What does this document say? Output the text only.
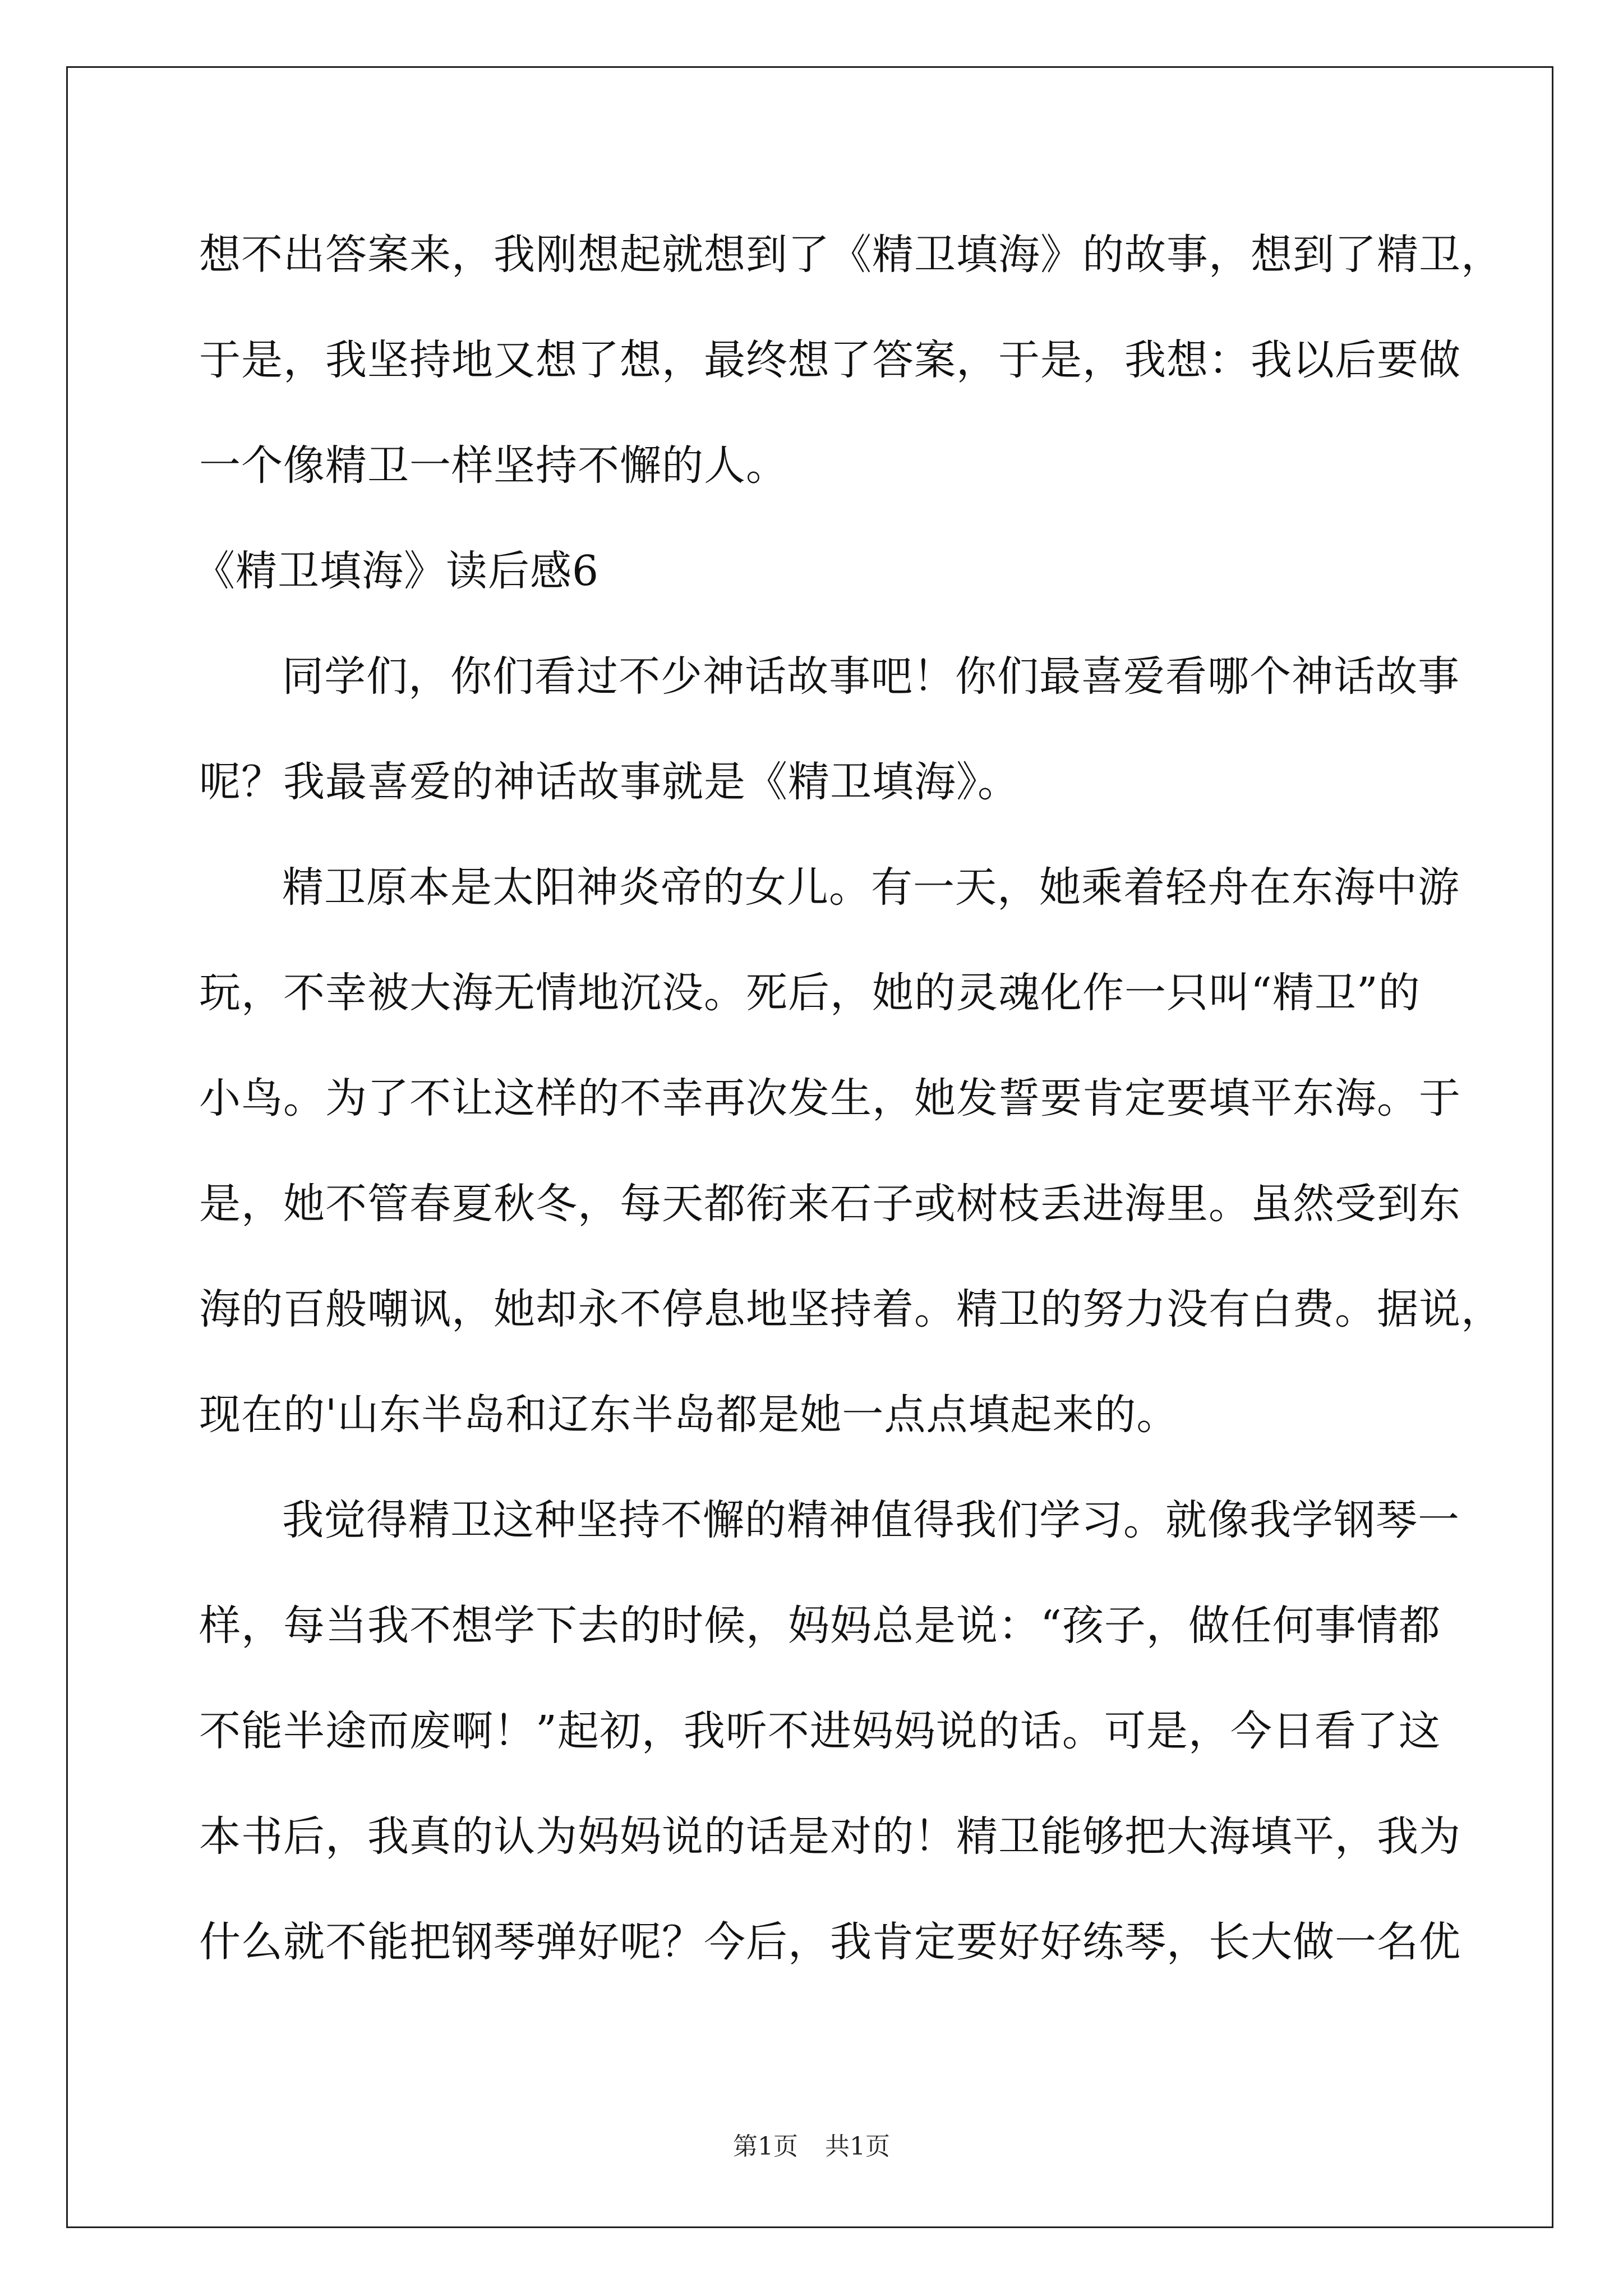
想不出答案来，我刚想起就想到了《精卫填海》的故事，想到了精卫，
于是，我坚持地又想了想，最终想了答案，于是，我想：我以后要做
一个像精卫一样坚持不懈的人。
《精卫填海》读后感6
同学们，你们看过不少神话故事吧！你们最喜爱看哪个神话故事
呢？我最喜爱的神话故事就是《精卫填海》。
精卫原本是太阳神炎帝的女儿。有一天，她乘着轻舟在东海中游
玩，不幸被大海无情地沉没。死后，她的灵魂化作一只叫“精卫”的
小鸟。为了不让这样的不幸再次发生，她发誓要肯定要填平东海。于
是，她不管春夏秋冬，每天都衔来石子或树枝丢进海里。虽然受到东
海的百般嘲讽，她却永不停息地坚持着。精卫的努力没有白费。据说，
现在的'山东半岛和辽东半岛都是她一点点填起来的。
我觉得精卫这种坚持不懈的精神值得我们学习。就像我学钢琴一
样，每当我不想学下去的时候，妈妈总是说：“孩子，做任何事情都
不能半途而废啊！”起初，我听不进妈妈说的话。可是，今日看了这
本书后，我真的认为妈妈说的话是对的！精卫能够把大海填平，我为
什么就不能把钢琴弹好呢？今后，我肯定要好好练琴，长大做一名优
第1页 共1页
